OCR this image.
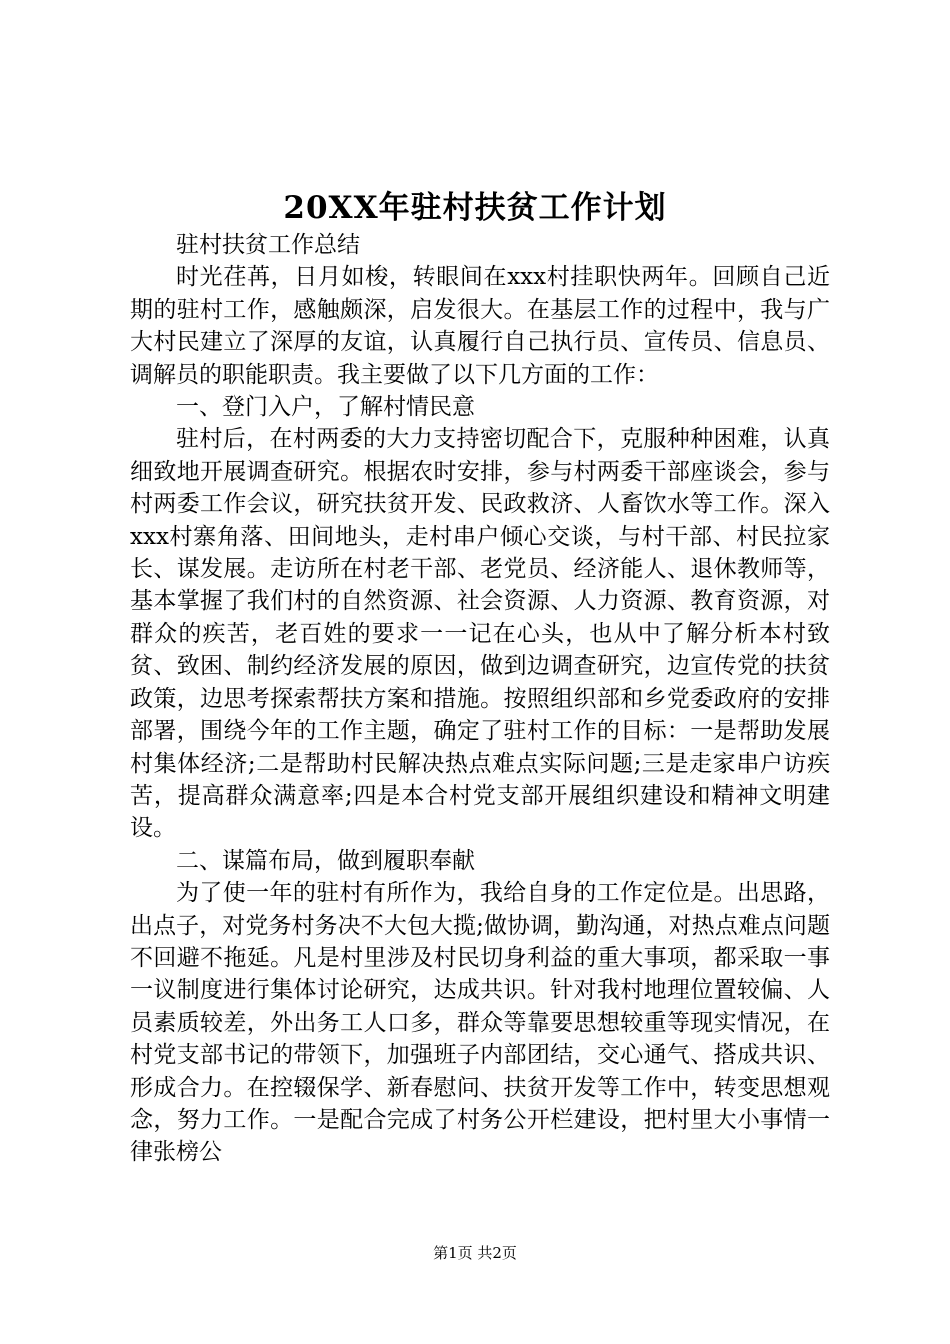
20XX年驻村扶贫工作计划

驻村扶贫工作总结

时光荏苒，日月如梭，转眼间在xxx村挂职快两年。回顾自己近期的驻村工作，感触颇深，启发很大。在基层工作的过程中，我与广大村民建立了深厚的友谊，认真履行自己执行员、宣传员、信息员、调解员的职能职责。我主要做了以下几方面的工作：

一、登门入户，了解村情民意

驻村后，在村两委的大力支持密切配合下，克服种种困难，认真细致地开展调查研究。根据农时安排，参与村两委干部座谈会，参与村两委工作会议，研究扶贫开发、民政救济、人畜饮水等工作。深入xxx村寨角落、田间地头，走村串户倾心交谈，与村干部、村民拉家长、谋发展。走访所在村老干部、老党员、经济能人、退休教师等，基本掌握了我们村的自然资源、社会资源、人力资源、教育资源，对群众的疾苦，老百姓的要求一一记在心头，也从中了解分析本村致贫、致困、制约经济发展的原因，做到边调查研究，边宣传党的扶贫政策，边思考探索帮扶方案和措施。按照组织部和乡党委政府的安排部署，围绕今年的工作主题，确定了驻村工作的目标：一是帮助发展村集体经济;二是帮助村民解决热点难点实际问题;三是走家串户访疾苦，提高群众满意率;四是本合村党支部开展组织建设和精神文明建设。

二、谋篇布局，做到履职奉献

为了使一年的驻村有所作为，我给自身的工作定位是。出思路，出点子，对党务村务决不大包大揽;做协调，勤沟通，对热点难点问题不回避不拖延。凡是村里涉及村民切身利益的重大事项，都采取一事一议制度进行集体讨论研究，达成共识。针对我村地理位置较偏、人员素质较差，外出务工人口多，群众等靠要思想较重等现实情况，在村党支部书记的带领下，加强班子内部团结，交心通气、搭成共识、形成合力。在控辍保学、新春慰问、扶贫开发等工作中，转变思想观念，努力工作。一是配合完成了村务公开栏建设，把村里大小事情一律张榜公

第1页 共2页
